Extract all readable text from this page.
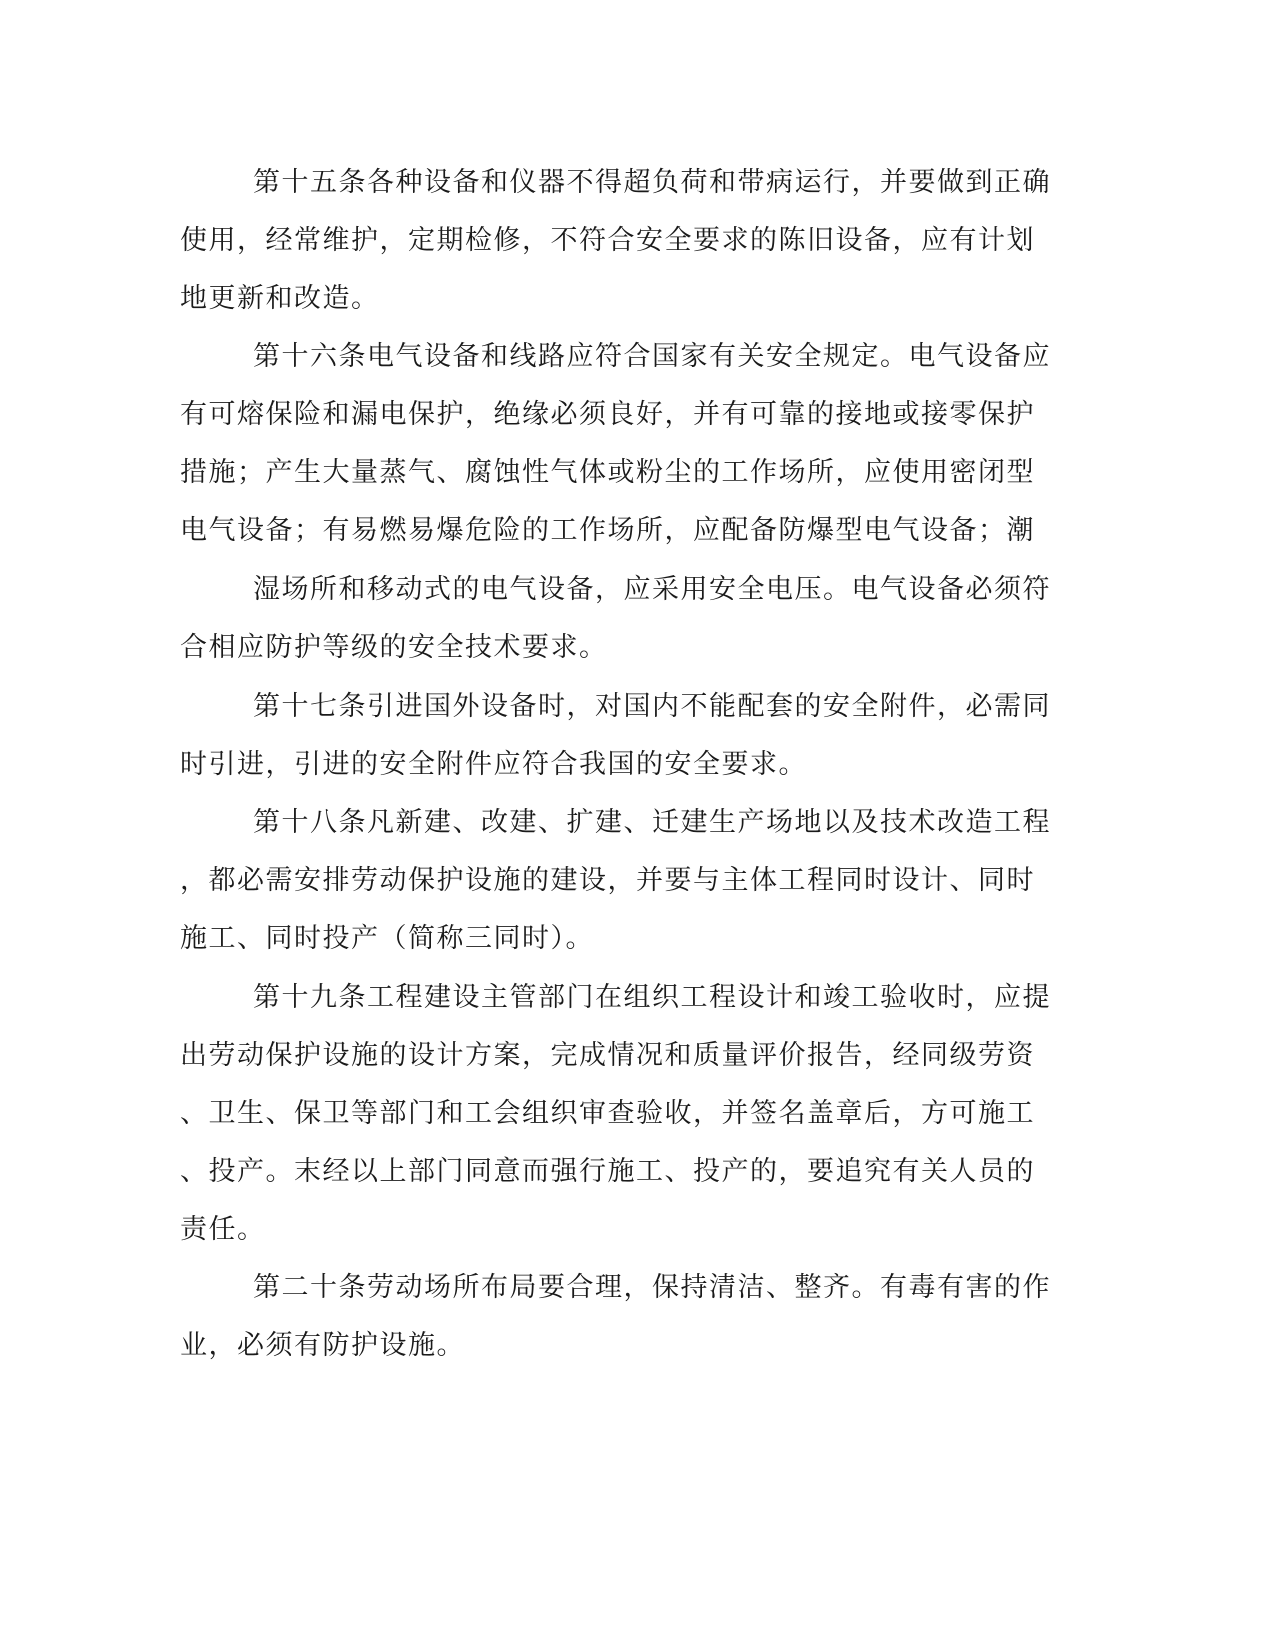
第十五条各种设备和仪器不得超负荷和带病运行，并要做到正确
使用，经常维护，定期检修，不符合安全要求的陈旧设备，应有计划
地更新和改造。
第十六条电气设备和线路应符合国家有关安全规定。电气设备应
有可熔保险和漏电保护，绝缘必须良好，并有可靠的接地或接零保护
措施；产生大量蒸气、腐蚀性气体或粉尘的工作场所，应使用密闭型
电气设备；有易燃易爆危险的工作场所，应配备防爆型电气设备；潮
湿场所和移动式的电气设备，应采用安全电压。电气设备必须符
合相应防护等级的安全技术要求。
第十七条引进国外设备时，对国内不能配套的安全附件，必需同
时引进，引进的安全附件应符合我国的安全要求。
第十八条凡新建、改建、扩建、迁建生产场地以及技术改造工程
，都必需安排劳动保护设施的建设，并要与主体工程同时设计、同时
施工、同时投产（简称三同时）。
第十九条工程建设主管部门在组织工程设计和竣工验收时，应提
出劳动保护设施的设计方案，完成情况和质量评价报告，经同级劳资
、卫生、保卫等部门和工会组织审查验收，并签名盖章后，方可施工
、投产。末经以上部门同意而强行施工、投产的，要追究有关人员的
责任。
第二十条劳动场所布局要合理，保持清洁、整齐。有毒有害的作
业，必须有防护设施。
